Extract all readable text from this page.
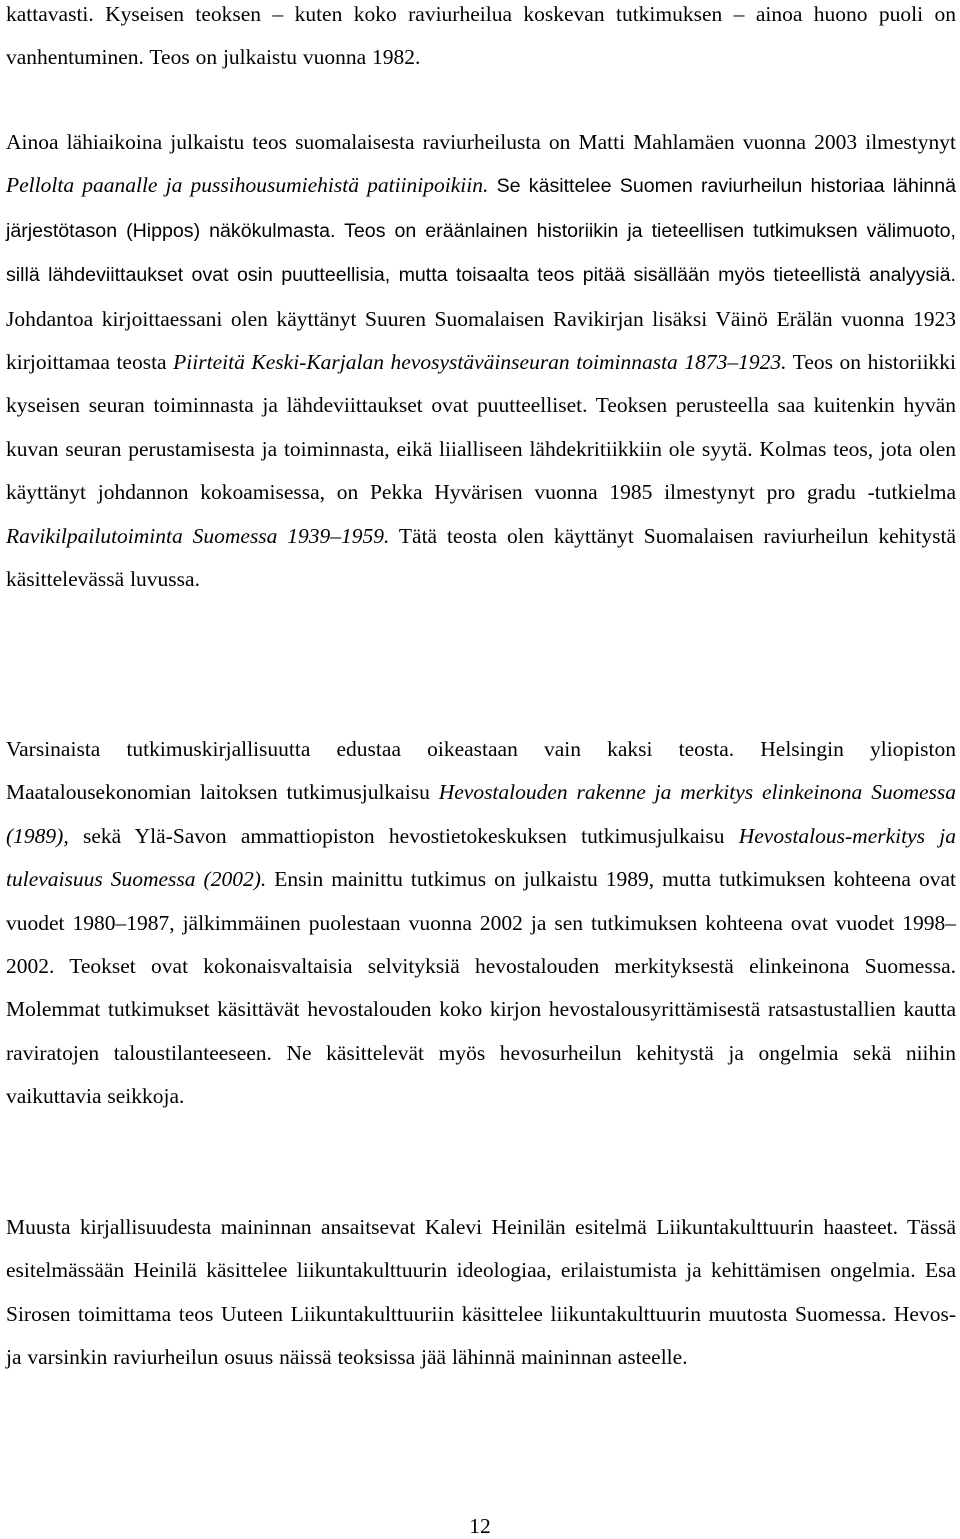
kattavasti. Kyseisen teoksen – kuten koko raviurheilua koskevan tutkimuksen – ainoa huono puoli on vanhentuminen. Teos on julkaistu vuonna 1982.

Ainoa lähiaikoina julkaistu teos suomalaisesta raviurheilusta on Matti Mahlamäen vuonna 2003 ilmestynyt Pellolta paanalle ja pussihousumiehistä patiinipoikiin. Se käsittelee Suomen raviurheilun historiaa lähinnä järjestötason (Hippos) näkökulmasta. Teos on eräänlainen historiikin ja tieteellisen tutkimuksen välimuoto, sillä lähdeviittaukset ovat osin puutteellisia, mutta toisaalta teos pitää sisällään myös tieteellistä analyysiä. Johdantoa kirjoittaessani olen käyttänyt Suuren Suomalaisen Ravikirjan lisäksi Väinö Erälän vuonna 1923 kirjoittamaa teosta Piirteitä Keski-Karjalan hevosystäväinseuran toiminnasta 1873–1923. Teos on historiikki kyseisen seuran toiminnasta ja lähdeviittaukset ovat puutteelliset. Teoksen perusteella saa kuitenkin hyvän kuvan seuran perustamisesta ja toiminnasta, eikä liialliseen lähdekritiikkiin ole syytä. Kolmas teos, jota olen käyttänyt johdannon kokoamisessa, on Pekka Hyvärisen vuonna 1985 ilmestynyt pro gradu -tutkielma Ravikilpailutoiminta Suomessa 1939–1959. Tätä teosta olen käyttänyt Suomalaisen raviurheilun kehitystä käsittelevässä luvussa.

Varsinaista tutkimuskirjallisuutta edustaa oikeastaan vain kaksi teosta. Helsingin yliopiston Maatalousekonomian laitoksen tutkimusjulkaisu Hevostalouden rakenne ja merkitys elinkeinona Suomessa (1989), sekä Ylä-Savon ammattiopiston hevostietokeskuksen tutkimusjulkaisu Hevostalous-merkitys ja tulevaisuus Suomessa (2002). Ensin mainittu tutkimus on julkaistu 1989, mutta tutkimuksen kohteena ovat vuodet 1980–1987, jälkimmäinen puolestaan vuonna 2002 ja sen tutkimuksen kohteena ovat vuodet 1998–2002. Teokset ovat kokonaisvaltaisia selvityksiä hevostalouden merkityksestä elinkeinona Suomessa. Molemmat tutkimukset käsittävät hevostalouden koko kirjon hevostalousyrittämisestä ratsastustallien kautta raviratojen taloustilanteeseen. Ne käsittelevät myös hevosurheilun kehitystä ja ongelmia sekä niihin vaikuttavia seikkoja.

Muusta kirjallisuudesta maininnan ansaitsevat Kalevi Heinilän esitelmä Liikuntakulttuurin haasteet. Tässä esitelmässään Heinilä käsittelee liikuntakulttuurin ideologiaa, erilaistumista ja kehittämisen ongelmia. Esa Sirosen toimittama teos Uuteen Liikuntakulttuuriin käsittelee liikuntakulttuurin muutosta Suomessa. Hevos- ja varsinkin raviurheilun osuus näissä teoksissa jää lähinnä maininnan asteelle.

12
